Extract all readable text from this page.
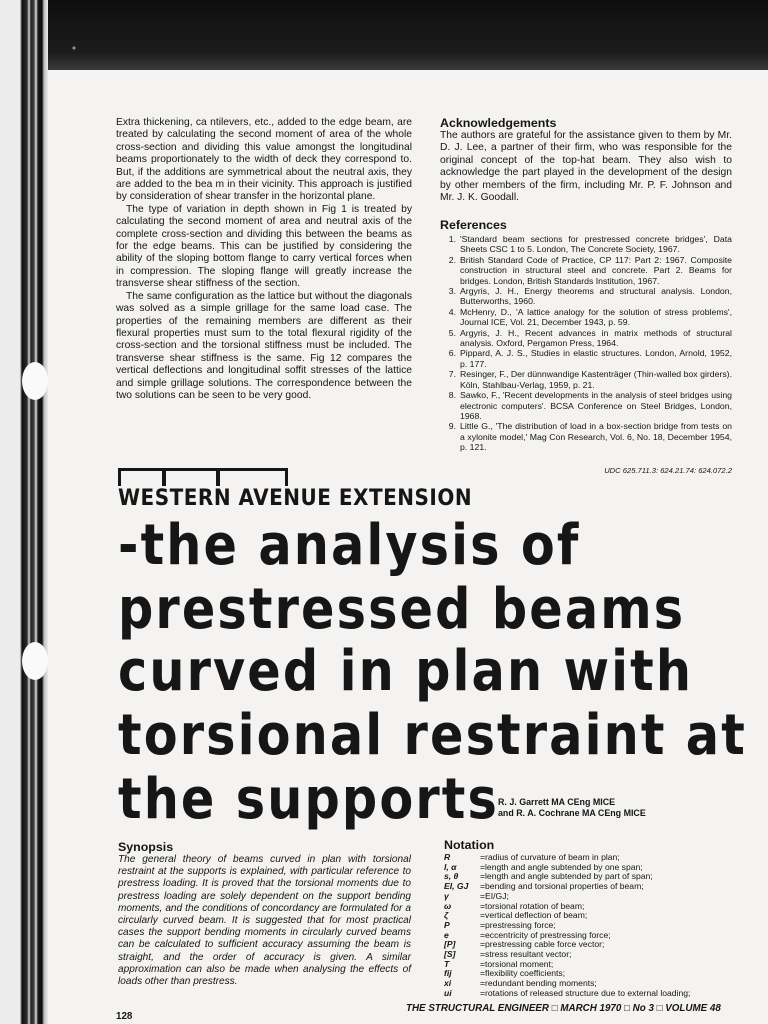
Extra thickening, ca ntilevers, etc., added to the edge beam, are treated by calculating the second moment of area of the whole cross-section and dividing this value amongst the longitudinal beams proportionately to the width of deck they correspond to. But, if the additions are symmetrical about the neutral axis, they are added to the bea m in their vicinity. This approach is justified by consideration of shear transfer in the horizontal plane.

The type of variation in depth shown in Fig 1 is treated by calculating the second moment of area and neutral axis of the complete cross-section and dividing this between the beams as for the edge beams. This can be justified by considering the ability of the sloping bottom flange to carry vertical forces when in compression. The sloping flange will greatly increase the transverse shear stiffness of the section.

The same configuration as the lattice but without the diagonals was solved as a simple grillage for the same load case. The properties of the remaining members are different as their flexural properties must sum to the total flexural rigidity of the cross-section and the torsional stiffness must be included. The transverse shear stiffness is the same. Fig 12 compares the vertical deflections and longitudinal soffit stresses of the lattice and simple grillage solutions. The correspondence between the two solutions can be seen to be very good.

Acknowledgements
The authors are grateful for the assistance given to them by Mr. D. J. Lee, a partner of their firm, who was responsible for the original concept of the top-hat beam. They also wish to acknowledge the part played in the development of the design by other members of the firm, including Mr. P. F. Johnson and Mr. J. K. Goodall.
References
1. 'Standard beam sections for prestressed concrete bridges', Data Sheets CSC 1 to 5. London, The Concrete Society, 1967.
2. British Standard Code of Practice, CP 117: Part 2: 1967. Composite construction in structural steel and concrete. Part 2. Beams for bridges. London, British Standards Institution, 1967.
3. Argyris, J. H., Energy theorems and structural analysis. London, Butterworths, 1960.
4. McHenry, D., 'A lattice analogy for the solution of stress problems', Journal ICE, Vol. 21, December 1943, p. 59.
5. Argyris, J. H., Recent advances in matrix methods of structural analysis. Oxford, Pergamon Press, 1964.
6. Pippard, A. J. S., Studies in elastic structures. London, Arnold, 1952, p. 177.
7. Resinger, F., Der dünnwandige Kastenträger (Thin-walled box girders). Köln, Stahlbau-Verlag, 1959, p. 21.
8. Sawko, F., 'Recent developments in the analysis of steel bridges using electronic computers'. BCSA Conference on Steel Bridges, London, 1968.
9. Little G., 'The distribution of load in a box-section bridge from tests on a xylonite model,' Mag Con Research, Vol. 6, No. 18, December 1954, p. 121.
UDC 625.711.3: 624.21.74: 624.072.2
WESTERN AVENUE EXTENSION
-the analysis of
prestressed beams
curved in plan with
torsional restraint at
the supports R. J. Garrett MA CEng MICE
and R. A. Cochrane MA CEng MICE
Synopsis
The general theory of beams curved in plan with torsional restraint at the supports is explained, with particular reference to prestress loading. It is proved that the torsional moments due to prestress loading are solely dependent on the support bending moments, and the conditions of concordancy are formulated for a circularly curved beam. It is suggested that for most practical cases the support bending moments in circularly curved beams can be calculated to sufficient accuracy assuming the beam is straight, and the order of accuracy is given. A similar approximation can also be made when analysing the effects of loads other than prestress.
Notation
R	=radius of curvature of beam in plan;
l, α	=length and angle subtended by one span;
s, θ	=length and angle subtended by part of span;
EI, GJ	=bending and torsional properties of beam;
γ	=EI/GJ;
ω	=torsional rotation of beam;
ζ	=vertical deflection of beam;
P	=prestressing force;
e	=eccentricity of prestressing force;
[P]	=prestressing cable force vector;
[S]	=stress resultant vector;
T	=torsional moment;
fij	=flexibility coefficients;
xi	=redundant bending moments;
ui	=rotations of released structure due to external loading;
128
THE STRUCTURAL ENGINEER □ MARCH 1970 □ No 3 □ VOLUME 48
